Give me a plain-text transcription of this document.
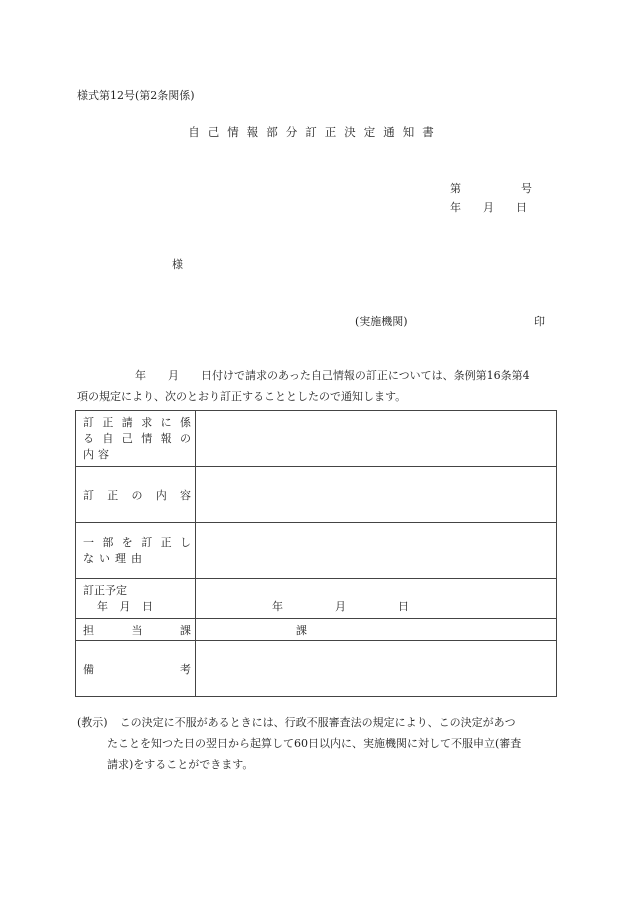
様式第12号(第2条関係)
自己情報部分訂正決定通知書
第	号
年 月 日
様
(実施機関)	印
年 月 日付けで請求のあった自己情報の訂正については、条例第16条第4
項の規定により、次のとおり訂正することとしたので通知します。
訂正請求に係
る自己情報の
内容	

訂正の内容	

一部を訂正し
ない理由	

訂正予定
年 月 日	年 月 日

担当課	課

備考	

(教示) この決定に不服があるときには、行政不服審査法の規定により、この決定があつ
たことを知つた日の翌日から起算して60日以内に、実施機関に対して不服申立(審査
請求)をすることができます。
